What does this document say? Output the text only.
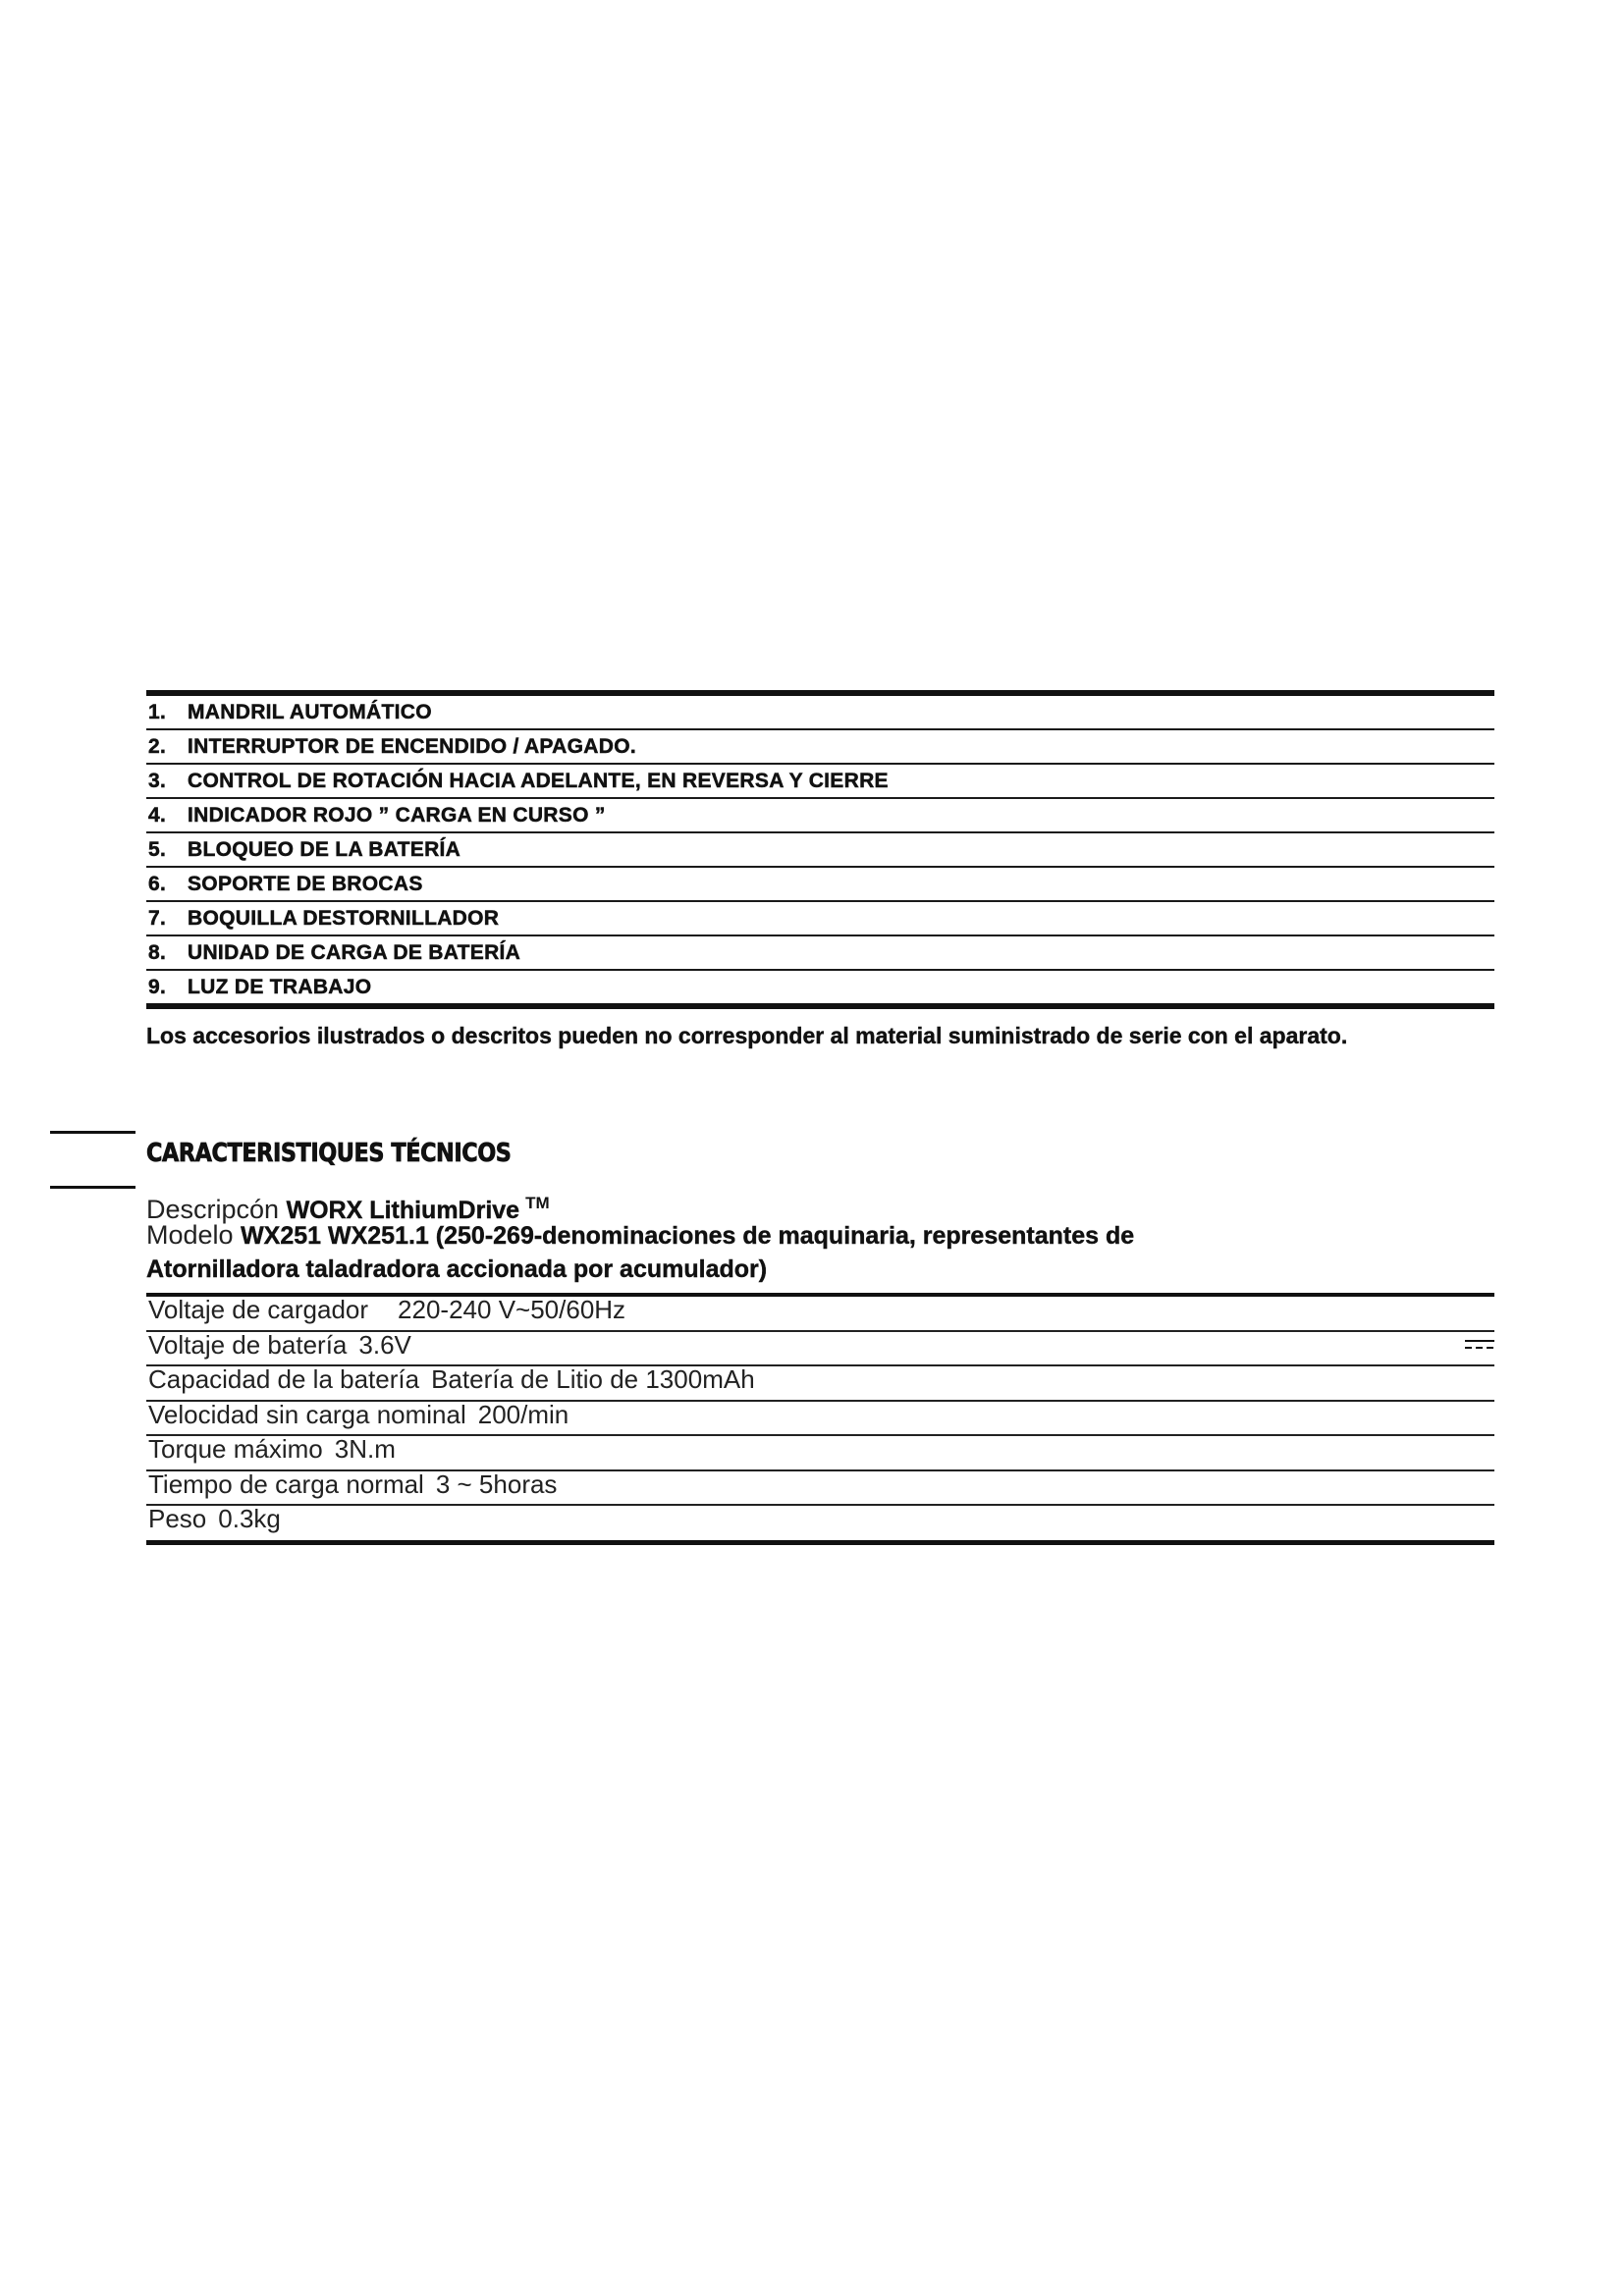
1. MANDRIL AUTOMÁTICO
2. INTERRUPTOR DE ENCENDIDO / APAGADO.
3. CONTROL DE ROTACIÓN HACIA ADELANTE, EN REVERSA Y CIERRE
4. INDICADOR ROJO ” CARGA EN CURSO ”
5. BLOQUEO DE LA BATERÍA
6. SOPORTE DE BROCAS
7. BOQUILLA DESTORNILLADOR
8. UNIDAD DE CARGA DE BATERÍA
9. LUZ DE TRABAJO
Los accesorios ilustrados o descritos pueden no corresponder al material suministrado de serie con el aparato.
CARACTERISTIQUES TÉCNICOS
Descripcón WORX LithiumDrive ™
Modelo WX251 WX251.1 (250-269-denominaciones de maquinaria, representantes de
Atornilladora taladradora accionada por acumulador)
Voltaje de cargador 220-240 V~50/60Hz
Voltaje de batería 3.6V
Capacidad de la batería Batería de Litio de 1300mAh
Velocidad sin carga nominal 200/min
Torque máximo 3N.m
Tiempo de carga normal 3 ~ 5horas
Peso 0.3kg
